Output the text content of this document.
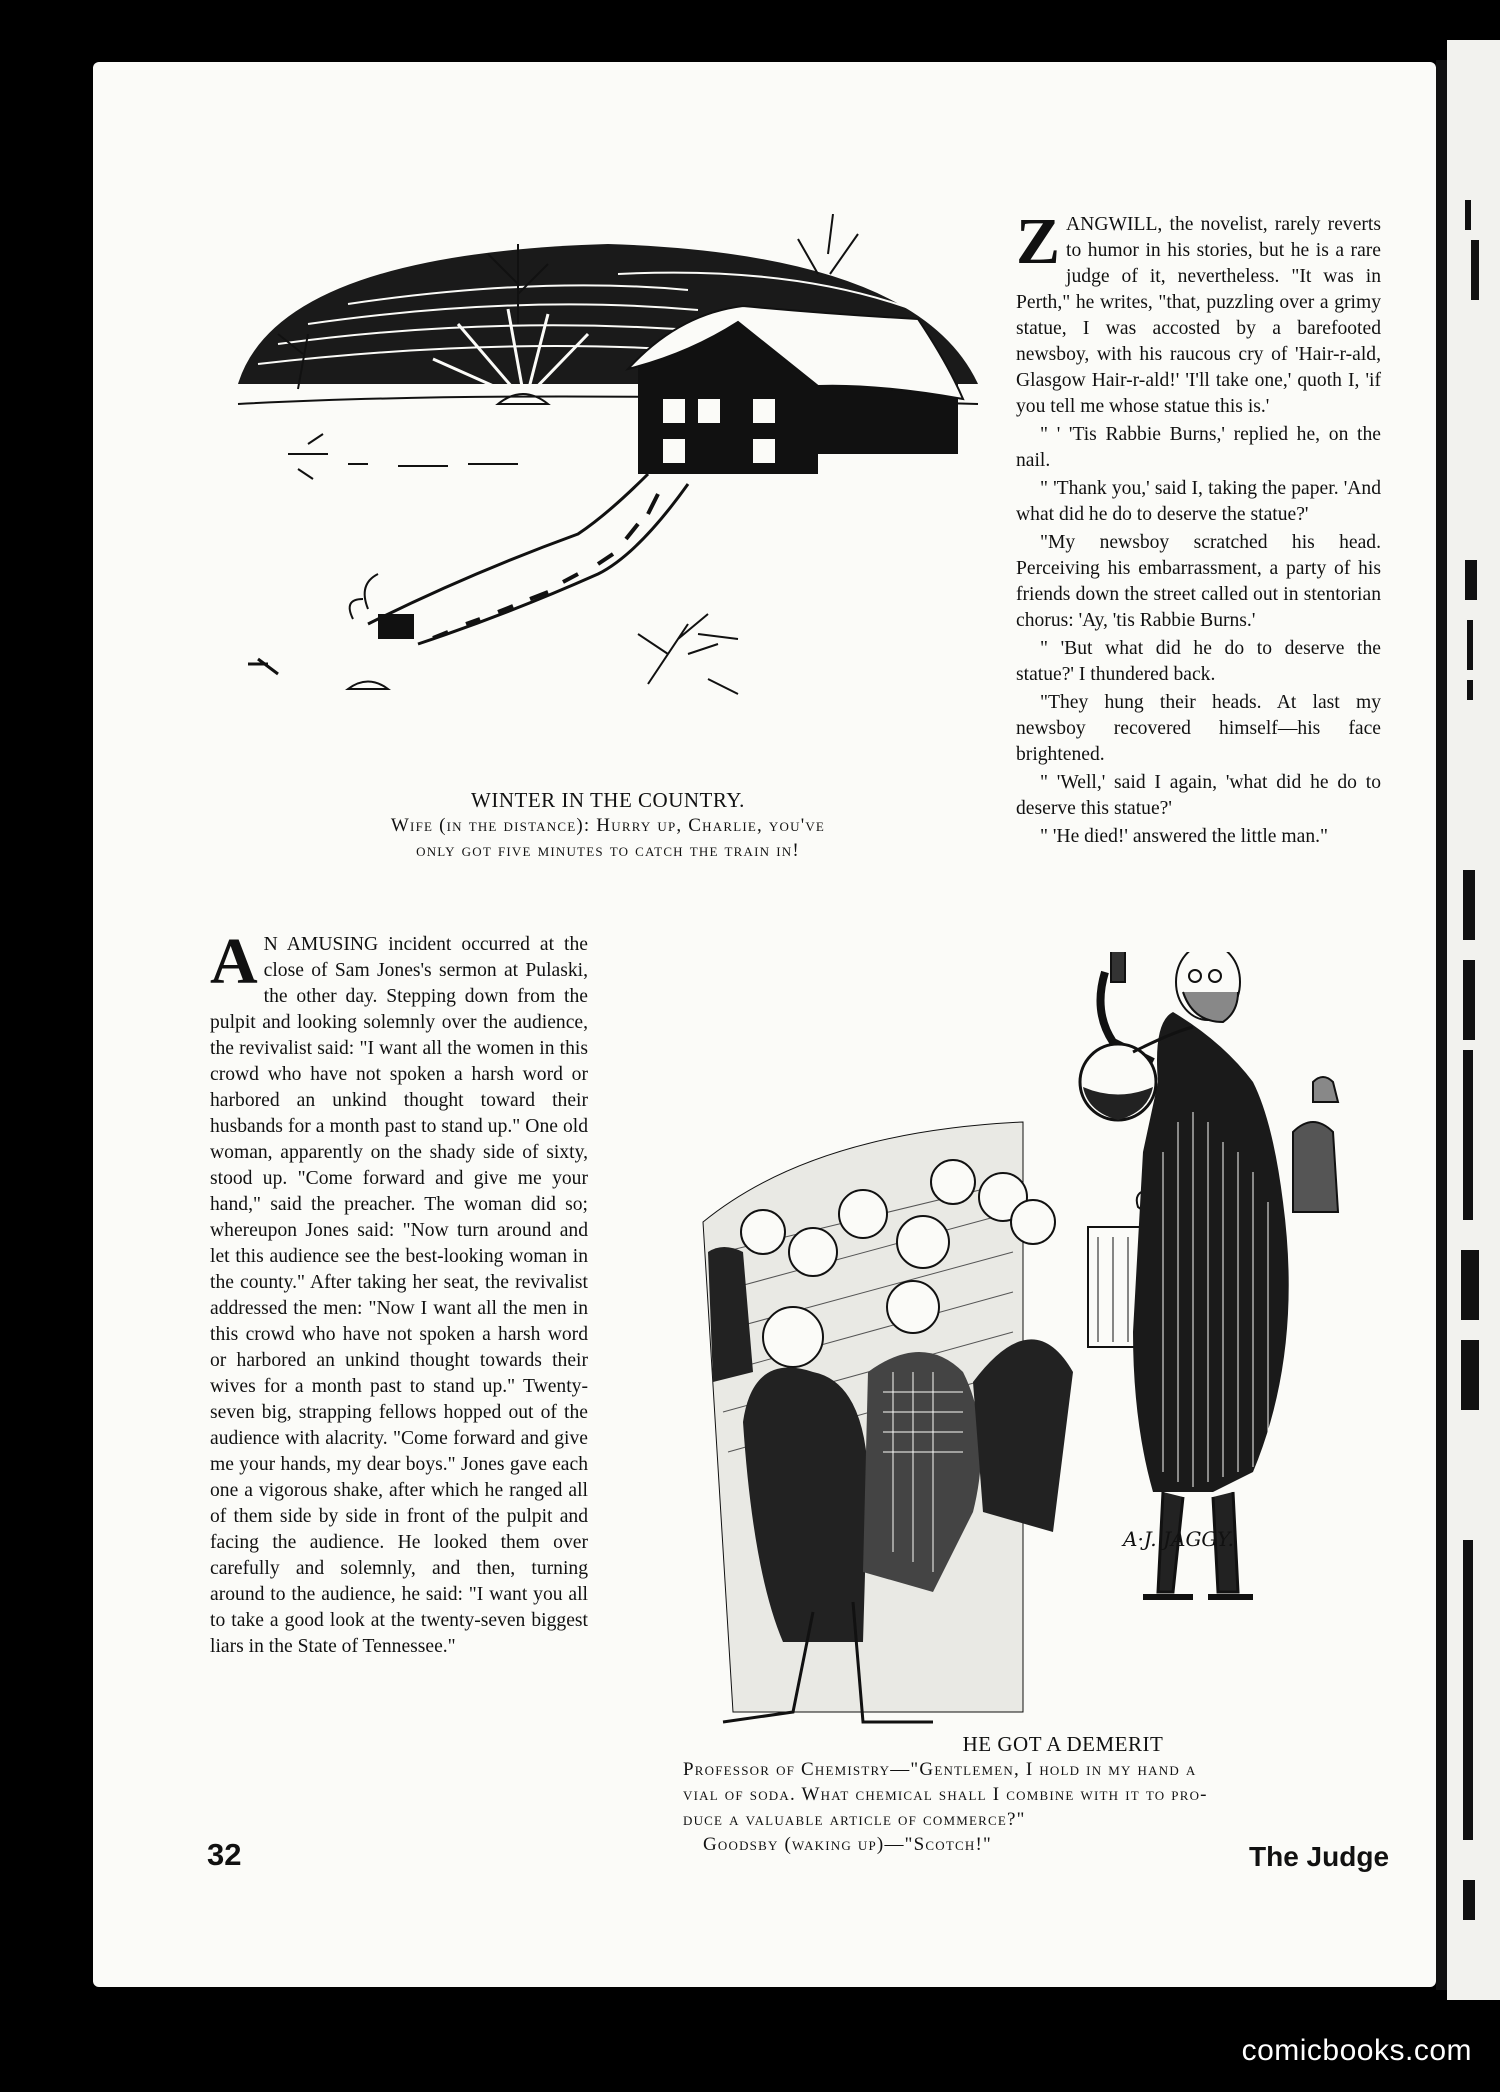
WINTER IN THE COUNTRY.
Wife (in the distance): Hurry up, Charlie, you've
only got five minutes to catch the train in!

ZANGWILL, the novelist, rarely reverts to humor in his stories, but he is a rare judge of it, nevertheless. "It was in Perth," he writes, "that, puzzling over a grimy statue, I was accosted by a barefooted newsboy, with his raucous cry of 'Hair-r-ald, Glasgow Hair-r-ald!' 'I'll take one,' quoth I, 'if you tell me whose statue this is.'

" ' 'Tis Rabbie Burns,' replied he, on the nail.

" 'Thank you,' said I, taking the paper. 'And what did he do to deserve the statue?'

"My newsboy scratched his head. Perceiving his embarrassment, a party of his friends down the street called out in stentorian chorus: 'Ay, 'tis Rabbie Burns.'

" 'But what did he do to deserve the statue?' I thundered back.

"They hung their heads. At last my newsboy recovered himself—his face brightened.

" 'Well,' said I again, 'what did he do to deserve this statue?'

" 'He died!' answered the little man."

A N AMUSING incident occurred at the close of Sam Jones's sermon at Pulaski, the other day. Stepping down from the pulpit and looking solemnly over the audience, the revivalist said: "I want all the women in this crowd who have not spoken a harsh word or harbored an unkind thought toward their husbands for a month past to stand up." One old woman, apparently on the shady side of sixty, stood up. "Come forward and give me your hand," said the preacher. The woman did so; whereupon Jones said: "Now turn around and let this audience see the best-looking woman in the county." After taking her seat, the revivalist addressed the men: "Now I want all the men in this crowd who have not spoken a harsh word or harbored an unkind thought towards their wives for a month past to stand up." Twenty-seven big, strapping fellows hopped out of the audience with alacrity. "Come forward and give me your hands, my dear boys." Jones gave each one a vigorous shake, after which he ranged all of them side by side in front of the pulpit and facing the audience. He looked them over carefully and solemnly, and then, turning around to the audience, he said: "I want you all to take a good look at the twenty-seven biggest liars in the State of Tennessee."

A·J. JAGGY.
HE GOT A DEMERIT
Professor of Chemistry—"Gentlemen, I hold in my hand a
vial of soda. What chemical shall I combine with it to pro-
duce a valuable article of commerce?"
Goodsby (waking up)—"Scotch!"
32	The Judge
comicbooks.com
